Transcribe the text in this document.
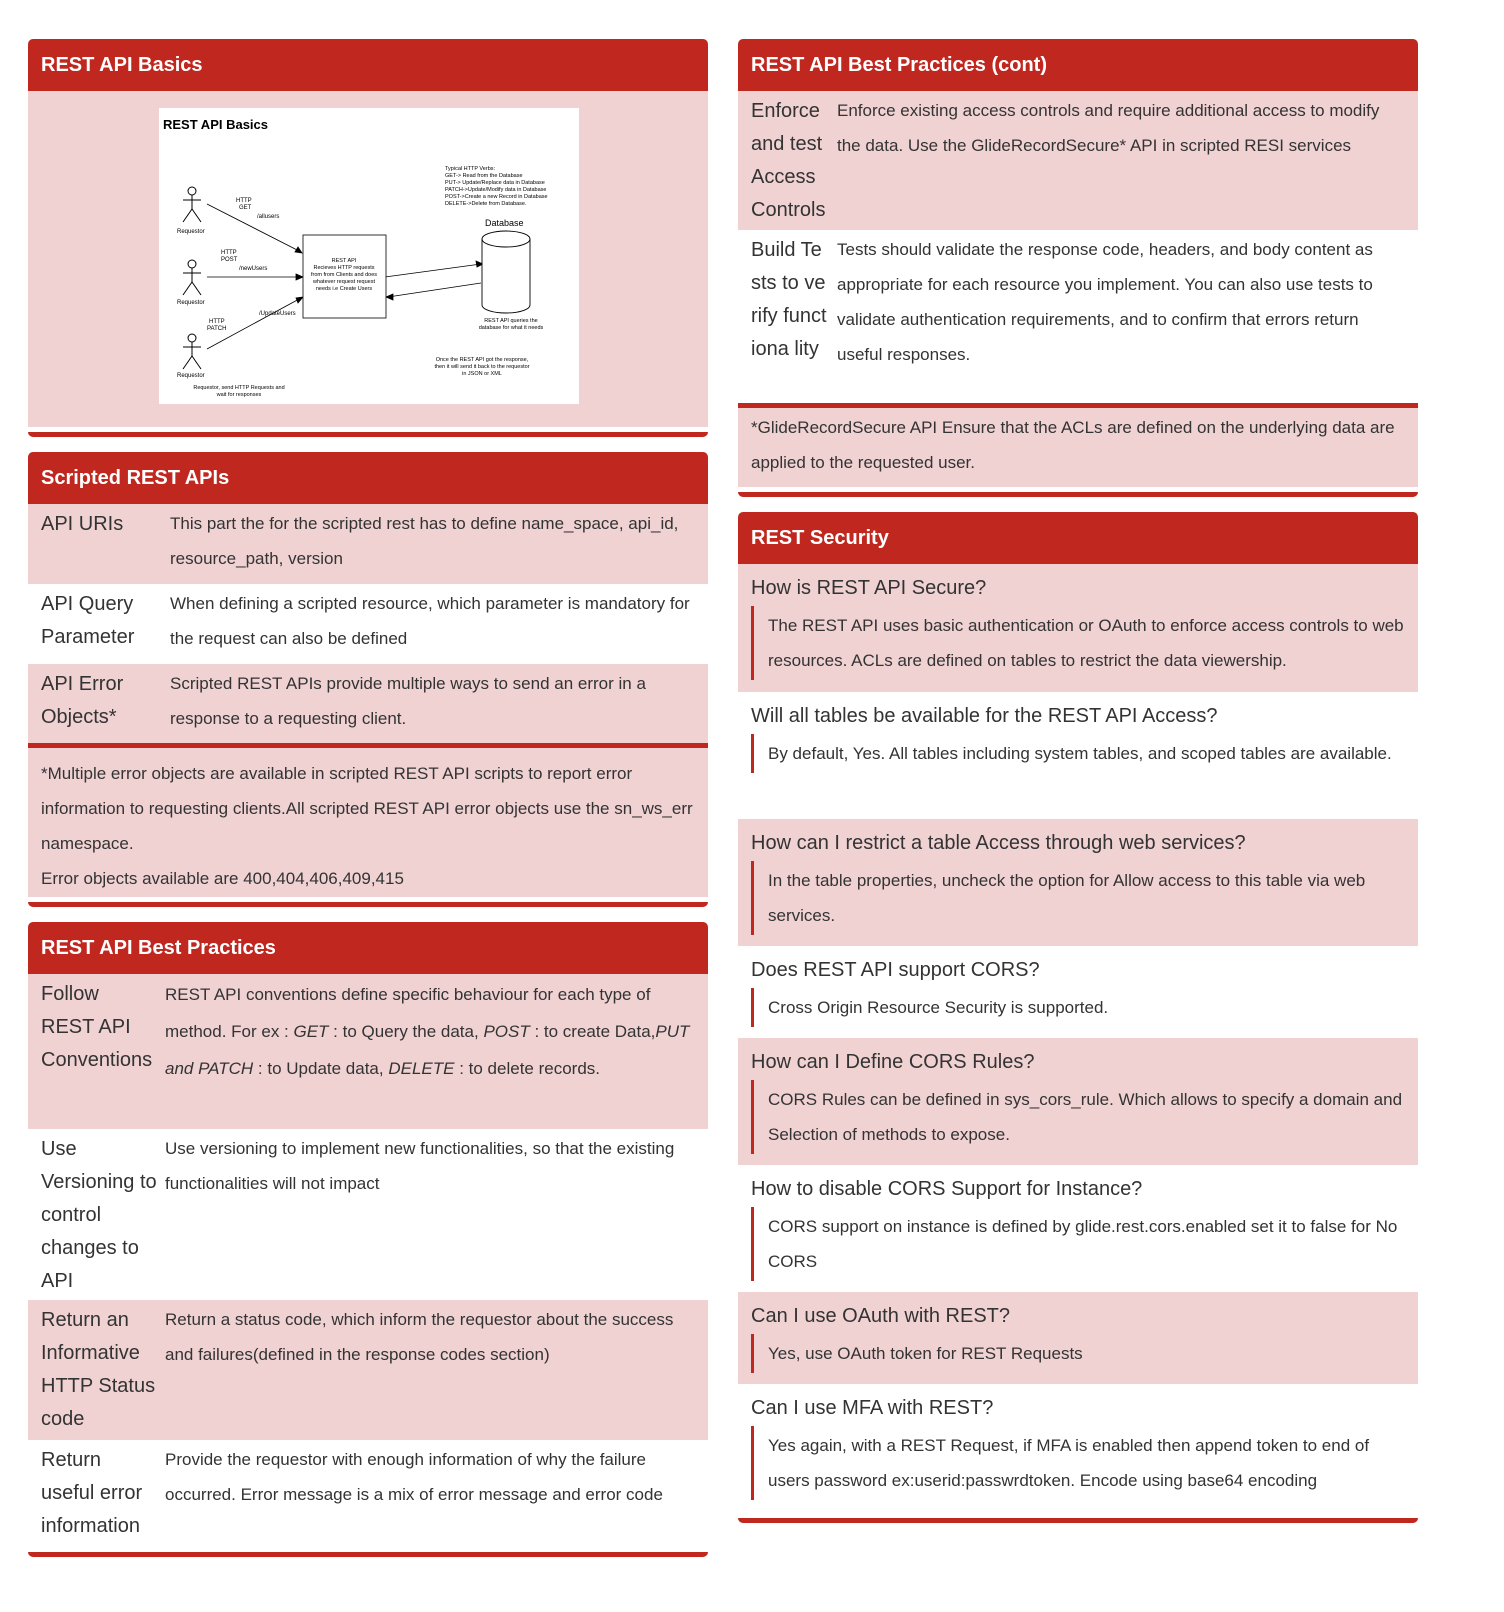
REST API Basics
REST API Basics
Requestor
Requestor
Requestor
HTTP
GET
/allusers
HTTP
POST
/newUsers
/UpdateUsers
HTTP
PATCH
REST API
Recieves HTTP requests
from from Clients and does
whatever request request
needs i.e Create Users
Typical HTTP Verbs:
GET-> Read from the Database
PUT-> Update/Replace data in Database
PATCH->Update/Modify data in Database
POST->Create a new Record in Database
DELETE->Delete from Database.
Database
REST API queries the
database for what it needs
Once the REST API got the response,
then it will send it back to the requestor
in JSON or XML
Requestor, send HTTP Requests and
wait for responses
Scripted REST APIs
API URIs	This part the for the scripted rest has to define name_space, api_id, resource_path, version
API Query Parameter
When defining a scripted resource, which parameter is mandatory for the request can also be defined
API Error Objects*
Scripted REST APIs provide multiple ways to send an error in a response to a requesting client.
*Multiple error objects are available in scripted REST API scripts to report error information to requesting clients.All scripted REST API error objects use the sn_ws_err namespace.
Error objects available are 400,404,406,409,415
REST API Best Practices
Follow REST API Conventions
REST API conventions define specific behaviour for each type of method. For ex : GET : to Query the data, POST : to create Data,PUT and PATCH : to Update data, DELETE : to delete records.
Use Versioning to control changes to API
Use versioning to implement new functionalities, so that the existing functionalities will not impact
Return an Informative HTTP Status code
Return a status code, which inform the requestor about the success and failures(defined in the response codes section)
Return useful error information
Provide the requestor with enough information of why the failure occurred. Error message is a mix of error message and error code
REST API Best Practices (cont)
Enforce and test Access Controls
Enforce existing access controls and require additional access to modify the data. Use the GlideRecordSecure* API in scripted RESI services
Build Tests to verify functiona lity
Tests should validate the response code, headers, and body content as appropriate for each resource you implement. You can also use tests to validate authentication requirements, and to confirm that errors return useful responses.
*GlideRecordSecure API Ensure that the ACLs are defined on the underlying data are applied to the requested user.
REST Security
How is REST API Secure?
The REST API uses basic authentication or OAuth to enforce access controls to web resources. ACLs are defined on tables to restrict the data viewership.
Will all tables be available for the REST API Access?
By default, Yes. All tables including system tables, and scoped tables are available.
How can I restrict a table Access through web services?
In the table properties, uncheck the option for Allow access to this table via web services.
Does REST API support CORS?
Cross Origin Resource Security is supported.
How can I Define CORS Rules?
CORS Rules can be defined in sys_cors_rule. Which allows to specify a domain and Selection of methods to expose.
How to disable CORS Support for Instance?
CORS support on instance is defined by glide.rest.cors.enabled set it to false for No CORS
Can I use OAuth with REST?
Yes, use OAuth token for REST Requests
Can I use MFA with REST?
Yes again, with a REST Request, if MFA is enabled then append token to end of users password ex:userid:passwrdtoken. Encode using base64 encoding
